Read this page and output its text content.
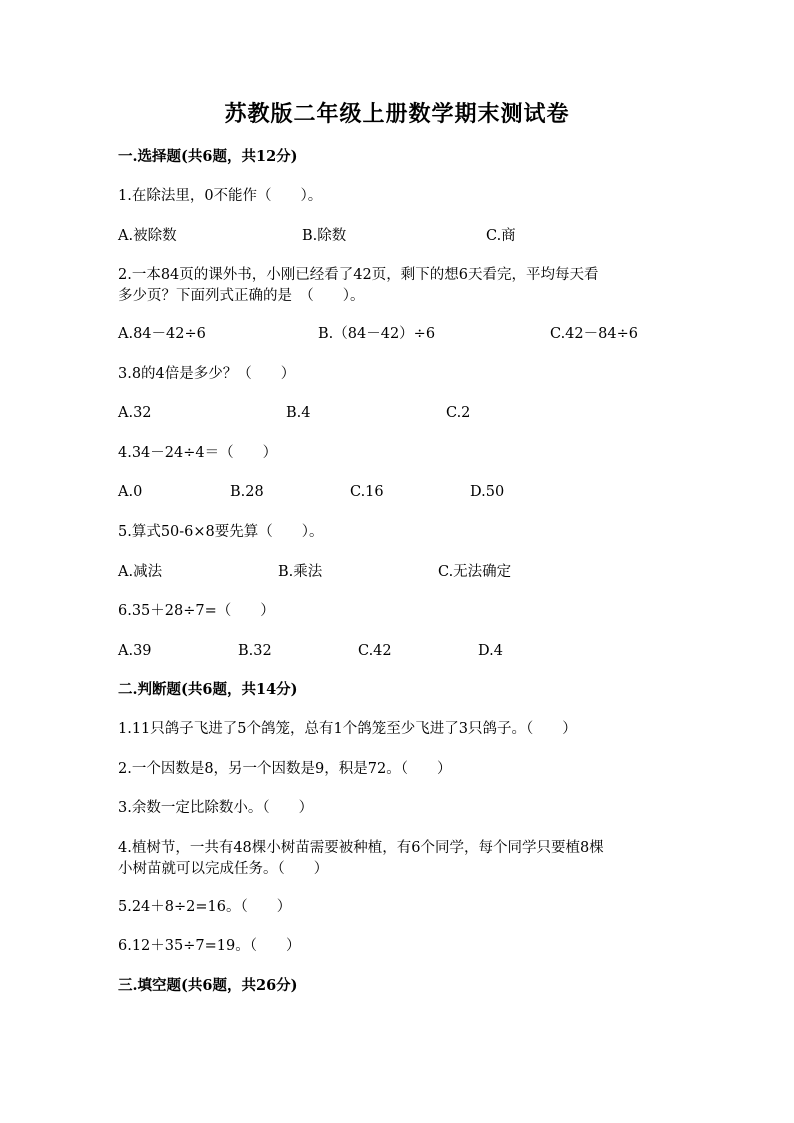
苏教版二年级上册数学期末测试卷
一.选择题(共6题，共12分)
1.在除法里，0不能作（　　）。
A.被除数	B.除数	C.商
2.一本84页的课外书，小刚已经看了42页，剩下的想6天看完，平均每天看
多少页？下面列式正确的是　（　　）。
A.84－42÷6	B.（84－42）÷6	C.42－84÷6
3.8的4倍是多少？（　　）
A.32	B.4	C.2
4.34－24÷4＝（　　）
A.0	B.28	C.16	D.50
5.算式50-6×8要先算（　　）。
A.减法	B.乘法	C.无法确定
6.35＋28÷7=（　　）
A.39	B.32	C.42	D.4
二.判断题(共6题，共14分)
1.11只鸽子飞进了5个鸽笼，总有1个鸽笼至少飞进了3只鸽子。（　　）
2.一个因数是8，另一个因数是9，积是72。（　　）
3.余数一定比除数小。（　　）
4.植树节，一共有48棵小树苗需要被种植，有6个同学，每个同学只要植8棵
小树苗就可以完成任务。（　　）
5.24＋8÷2=16。（　　）
6.12＋35÷7=19。（　　）
三.填空题(共6题，共26分)
